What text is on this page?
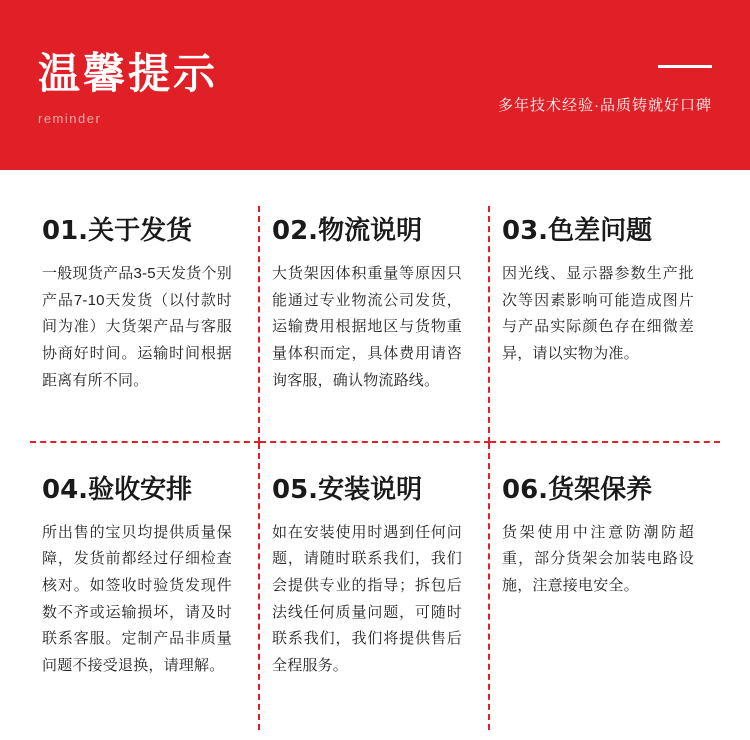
温馨提示
reminder
多年技术经验·品质铸就好口碑
01.关于发货

一般现货产品3-5天发货个别产品7-10天发货（以付款时间为准）大货架产品与客服协商好时间。运输时间根据距离有所不同。

02.物流说明

大货架因体积重量等原因只能通过专业物流公司发货，运输费用根据地区与货物重量体积而定，具体费用请咨询客服，确认物流路线。

03.色差问题

因光线、显示器参数生产批次等因素影响可能造成图片与产品实际颜色存在细微差异，请以实物为准。

04.验收安排

所出售的宝贝均提供质量保障，发货前都经过仔细检查核对。如签收时验货发现件数不齐或运输损坏，请及时联系客服。定制产品非质量问题不接受退换，请理解。

05.安装说明

如在安装使用时遇到任何问题，请随时联系我们，我们会提供专业的指导；拆包后法线任何质量问题，可随时联系我们，我们将提供售后全程服务。

06.货架保养

货架使用中注意防潮防超重，部分货架会加装电路设施，注意接电安全。
